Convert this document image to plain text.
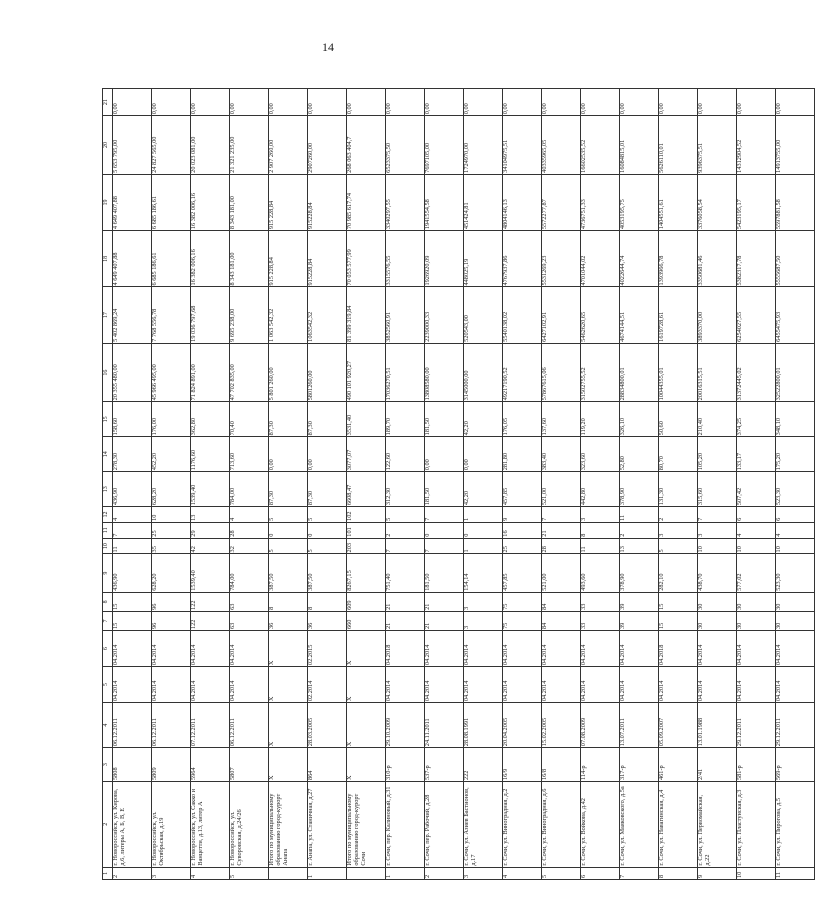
14
1	2	3	4	5	6	7	8	9	10	11	12	13	14	15	16	17	18	19	20	21
2	г. Новороссийск, ул. Кирова, д.6, литеры А, Б, В, Е	5808	06.12.2011	04.2014	04.2014	15	15	436,90	11	7	4	436,90	278,30	158,60	20 355 480,00	5 402 869,24	4 649 407,88	4 649 407,88	5 653 795,00	0,00
3	г. Новороссийск, ул. Октябрьская, д.19	5809	06.12.2011	04.2014	04.2014	96	96	628,20	35	25	10	628,20	452,20	176,00	45 966 495,00	7 768 556,78	6 685 186,61	6 685 186,61	24 827 565,00	0,00
4	г. Новороссийск, ул. Сакко и Ванцетти, д.13, литер А	5964	07.12.2011	04.2014	04.2014	122	122	1539,40	42	29	13	1539,40	1176,60	362,80	71 824 891,00	19 036 797,68	16 382 006,16	16 382 006,16	20 023 081,00	0,00
5	г. Новороссийск, ул. Суворовская, д.24/26	5807	06.12.2011	04.2014	04.2014	63	63	784,00	32	28	4	784,00	713,60	70,40	47 702 835,00	9 695 238,00	8 343 181,00	8 343 181,00	21 321 235,00	0,00
	Итого по муниципальному образованию город-курорт Анапа	X	X	X	X	36	8	387,50	5	0	5	87,30	0,00	87,30	5 801 260,00	1 063 542,32	915 228,84	915 228,84	2 907 260,00	0,00
1	г. Анапа, ул. Станичная, д.27	864	28.03.2005	02.2014	02.2015	36	8	387,50	5	0	5	87,30	0,00	87,30	5801260,00	1063542,32	915228,84	915228,84	2907260,00	0,00
	Итого по муниципальному образованию город-курорт Сочи	X	X	X	X	660	609	8267,15	203	101	102	6608,47	3077,07	3531,40	490 101 920,27	81 399 319,84	70 053 577,99	70 985 617,74	268 063 404,7	0,00
1	г. Сочи, пер. Калиновый, д.31	310-р	29.10.2009	04.2014	04.2018	21	21	751,40	7	2	5	312,30	122,60	189,70	17036270,51	3852560,91	3315576,55	3340297,55	6523375,50	0,00
2	г. Сочи, пер. Рабочий, д.28	537-р	24.11.2011	04.2014	04.2014	21	21	181,50	7	0	7	181,50	0,00	181,50	13808580,00	2239000,33	1926920,09	1941554,58	7697105,00	0,00
3	г. Сочи, ул. Азиев Бастионов, д.17	222	28.08.1991	04.2014	04.2014	3	3	154,14	1	0	1	42,20	0,00	42,20	3145000,00	520543,00	448025,19	451424,81	1724970,00	0,00
4	г. Сочи, ул. Виноградная, д.2	16/9	20.04.2005	04.2014	04.2014	75	75	457,85	25	16	9	457,85	281,80	176,05	49217190,52	5540138,02	4767937,86	4804146,13	34104975,51	0,00
5	г. Сочи, ул. Виноградная, д.6	16/8	15.02.2005	04.2014	04.2014	84	84	521,00	28	21	7	521,00	383,40	137,60	57867615,06	6427102,91	5531269,23	5572277,87	40335965,05	0,00
6	г. Сочи, ул. Войкова, д.42	114-р	07.08.2009	04.2014	04.2014	33	33	493,60	11	8	3	442,80	323,60	119,20	31502755,52	5462620,65	4701044,02	4736751,33	16602535,52	0,00
7	г. Сочи, ул. Маяковского, д.5а	317-р	13.07.2011	04.2014	04.2014	39	39	378,90	13	2	11	378,90	52,80	326,10	28834800,01	4674144,51	4022644,74	4053195,75	16084815,01	0,00
8	г. Сочи, ул. Навагинская, д.4	461-р	05.09.2007	04.2014	04.2018	15	15	282,10	5	3	2	131,30	80,70	50,60	10044355,01	1619728,61	1393966,78	1404551,61	5626110,01	0,00
9	г. Сочи, ул. Первомайская, д.22	2/41	13.01.1988	04.2014	04.2014	30	30	438,70	10	3	7	315,60	105,20	210,40	20016315,51	3893370,00	3350681,46	3376058,54	9396375,51	0,00
10	г. Сочи, ул. Пластунская, д.3	581-р	29.12.2011	04.2014	04.2014	30	30	577,02	10	4	6	507,42	133,17	374,25	31372445,02	6254027,55	5382317,78	5423195,17	14312904,52	0,00
11	г. Сочи, ул. Пирогова, д.5	569-р	29.12.2011	04.2014	04.2014	30	30	523,30	10	4	6	523,30	175,20	348,10	32522800,01	6455475,93	5555687,50	5597881,58	14913755,00	0,00
